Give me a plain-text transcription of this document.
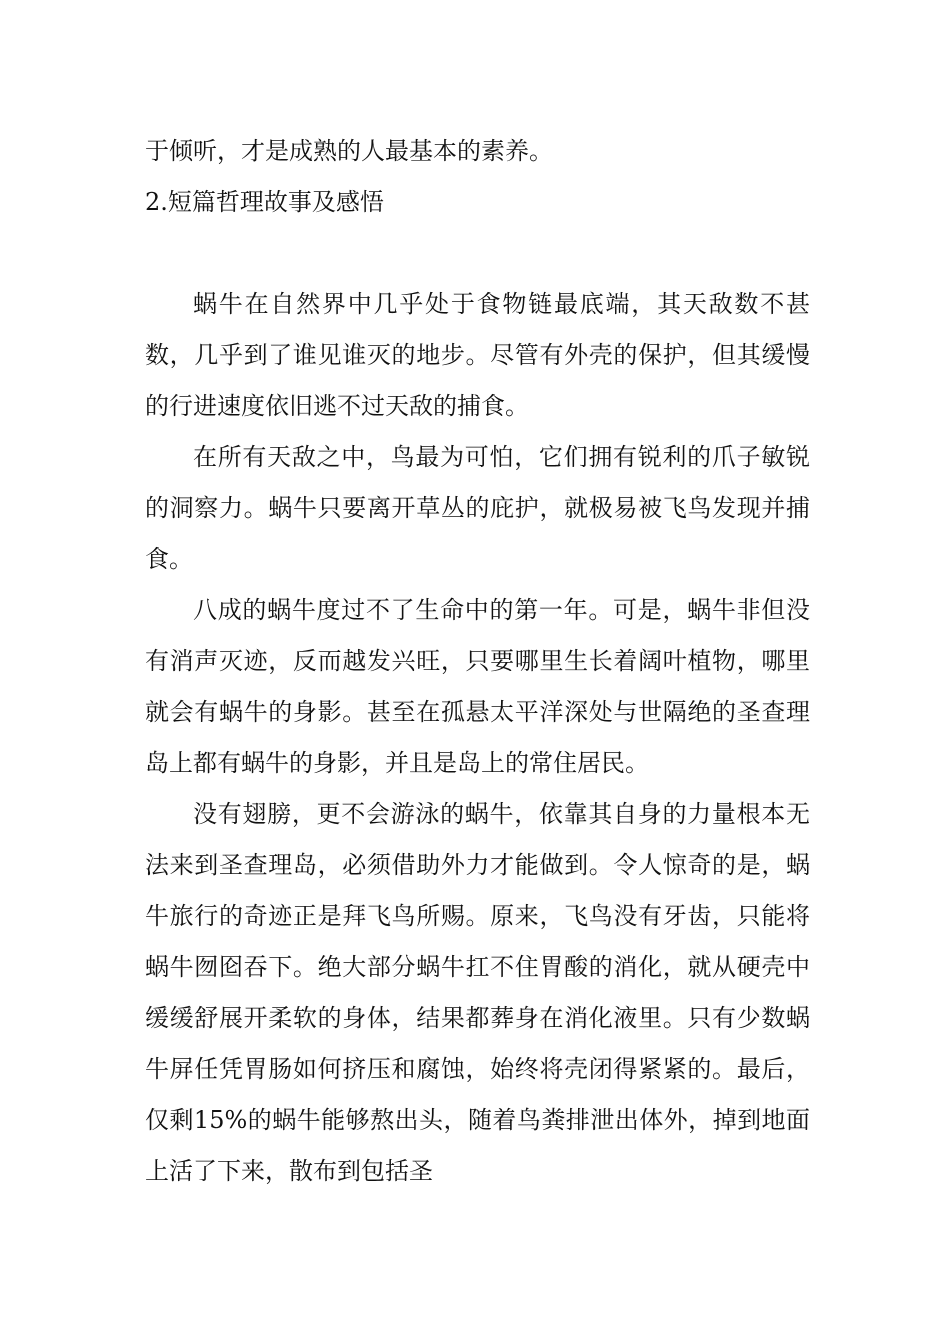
于倾听，才是成熟的人最基本的素养。

2.短篇哲理故事及感悟

蜗牛在自然界中几乎处于食物链最底端，其天敌数不甚数，几乎到了谁见谁灭的地步。尽管有外壳的保护，但其缓慢的行进速度依旧逃不过天敌的捕食。

在所有天敌之中，鸟最为可怕，它们拥有锐利的爪子敏锐的洞察力。蜗牛只要离开草丛的庇护，就极易被飞鸟发现并捕食。

八成的蜗牛度过不了生命中的第一年。可是，蜗牛非但没有消声灭迹，反而越发兴旺，只要哪里生长着阔叶植物，哪里就会有蜗牛的身影。甚至在孤悬太平洋深处与世隔绝的圣查理岛上都有蜗牛的身影，并且是岛上的常住居民。

没有翅膀，更不会游泳的蜗牛，依靠其自身的力量根本无法来到圣查理岛，必须借助外力才能做到。令人惊奇的是，蜗牛旅行的奇迹正是拜飞鸟所赐。原来，飞鸟没有牙齿，只能将蜗牛囫囵吞下。绝大部分蜗牛扛不住胃酸的消化，就从硬壳中缓缓舒展开柔软的身体，结果都葬身在消化液里。只有少数蜗牛屏任凭胃肠如何挤压和腐蚀，始终将壳闭得紧紧的。最后，仅剩15%的蜗牛能够熬出头，随着鸟粪排泄出体外，掉到地面上活了下来，散布到包括圣
